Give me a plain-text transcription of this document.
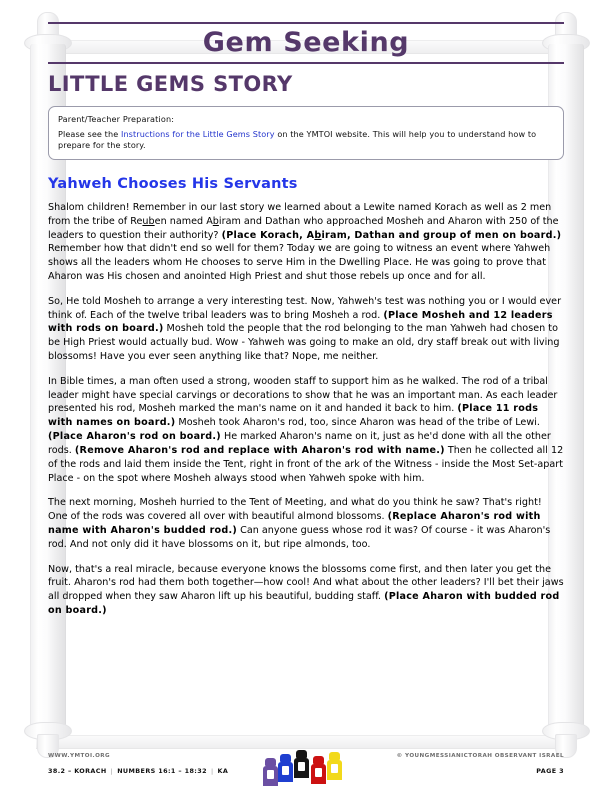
Gem Seeking
LITTLE GEMS STORY
Parent/Teacher Preparation:
Please see the Instructions for the Little Gems Story on the YMTOI website. This will help you to understand how to prepare for the story.
Yahweh Chooses His Servants

Shalom children! Remember in our last story we learned about a Lewite named Korach as well as 2 men from the tribe of Reuben named Abiram and Dathan who approached Mosheh and Aharon with 250 of the leaders to question their authority? (Place Korach, Abiram, Dathan and group of men on board.) Remember how that didn't end so well for them? Today we are going to witness an event where Yahweh shows all the leaders whom He chooses to serve Him in the Dwelling Place. He was going to prove that Aharon was His chosen and anointed High Priest and shut those rebels up once and for all.

So, He told Mosheh to arrange a very interesting test. Now, Yahweh's test was nothing you or I would ever think of. Each of the twelve tribal leaders was to bring Mosheh a rod. (Place Mosheh and 12 leaders with rods on board.) Mosheh told the people that the rod belonging to the man Yahweh had chosen to be High Priest would actually bud. Wow - Yahweh was going to make an old, dry staff break out with living blossoms! Have you ever seen anything like that? Nope, me neither.

In Bible times, a man often used a strong, wooden staff to support him as he walked. The rod of a tribal leader might have special carvings or decorations to show that he was an important man. As each leader presented his rod, Mosheh marked the man's name on it and handed it back to him. (Place 11 rods with names on board.) Mosheh took Aharon's rod, too, since Aharon was head of the tribe of Lewi. (Place Aharon's rod on board.) He marked Aharon's name on it, just as he'd done with all the other rods. (Remove Aharon's rod and replace with Aharon's rod with name.) Then he collected all 12 of the rods and laid them inside the Tent, right in front of the ark of the Witness - inside the Most Set-apart Place - on the spot where Mosheh always stood when Yahweh spoke with him.

The next morning, Mosheh hurried to the Tent of Meeting, and what do you think he saw? That's right! One of the rods was covered all over with beautiful almond blossoms. (Replace Aharon's rod with name with Aharon's budded rod.) Can anyone guess whose rod it was? Of course - it was Aharon's rod. And not only did it have blossoms on it, but ripe almonds, too.

Now, that's a real miracle, because everyone knows the blossoms come first, and then later you get the fruit. Aharon's rod had them both together—how cool! And what about the other leaders? I'll bet their jaws all dropped when they saw Aharon lift up his beautiful, budding staff. (Place Aharon with budded rod on board.)

WWW.YMTOI.ORG
38.2 – KORACH | NUMBERS 16:1 – 18:32 | KA
© YOUNGMESSIANICTORAH OBSERVANT ISRAEL
PAGE 3
